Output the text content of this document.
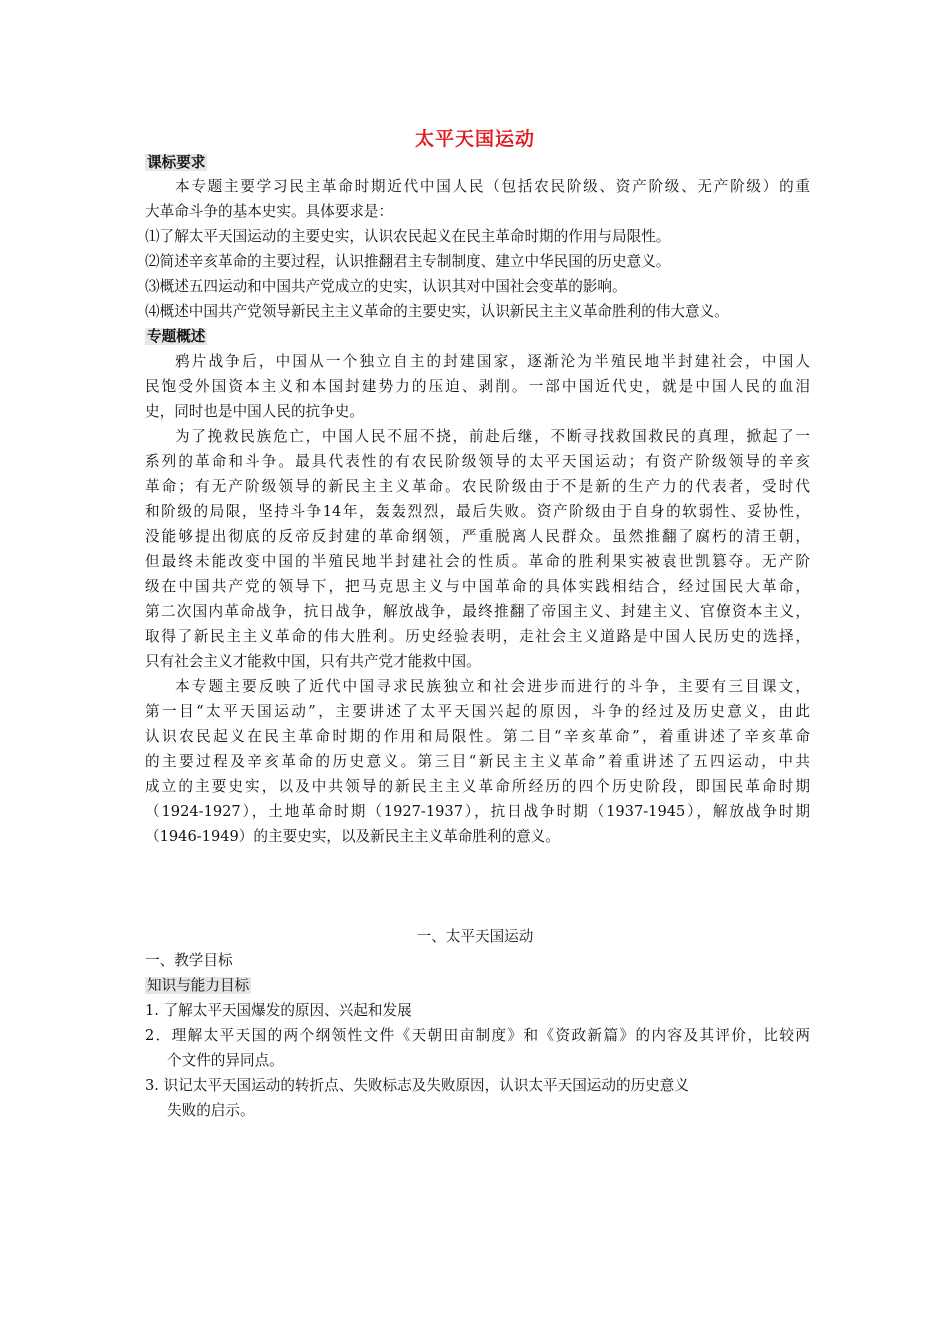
太平天国运动
课标要求
本专题主要学习民主革命时期近代中国人民（包括农民阶级、资产阶级、无产阶级）的重
大革命斗争的基本史实。具体要求是：
⑴了解太平天国运动的主要史实，认识农民起义在民主革命时期的作用与局限性。
⑵简述辛亥革命的主要过程，认识推翻君主专制制度、建立中华民国的历史意义。
⑶概述五四运动和中国共产党成立的史实，认识其对中国社会变革的影响。
⑷概述中国共产党领导新民主主义革命的主要史实，认识新民主主义革命胜利的伟大意义。
专题概述
鸦片战争后，中国从一个独立自主的封建国家，逐渐沦为半殖民地半封建社会，中国人
民饱受外国资本主义和本国封建势力的压迫、剥削。一部中国近代史，就是中国人民的血泪
史，同时也是中国人民的抗争史。
为了挽救民族危亡，中国人民不屈不挠，前赴后继，不断寻找救国救民的真理，掀起了一
系列的革命和斗争。最具代表性的有农民阶级领导的太平天国运动；有资产阶级领导的辛亥
革命；有无产阶级领导的新民主主义革命。农民阶级由于不是新的生产力的代表者，受时代
和阶级的局限，坚持斗争14年，轰轰烈烈，最后失败。资产阶级由于自身的软弱性、妥协性，
没能够提出彻底的反帝反封建的革命纲领，严重脱离人民群众。虽然推翻了腐朽的清王朝，
但最终未能改变中国的半殖民地半封建社会的性质。革命的胜利果实被袁世凯篡夺。无产阶
级在中国共产党的领导下，把马克思主义与中国革命的具体实践相结合，经过国民大革命，
第二次国内革命战争，抗日战争，解放战争，最终推翻了帝国主义、封建主义、官僚资本主义，
取得了新民主主义革命的伟大胜利。历史经验表明，走社会主义道路是中国人民历史的选择，
只有社会主义才能救中国，只有共产党才能救中国。
本专题主要反映了近代中国寻求民族独立和社会进步而进行的斗争，主要有三目课文，
第一目“太平天国运动”，主要讲述了太平天国兴起的原因，斗争的经过及历史意义，由此
认识农民起义在民主革命时期的作用和局限性。第二目“辛亥革命”，着重讲述了辛亥革命
的主要过程及辛亥革命的历史意义。第三目“新民主主义革命”着重讲述了五四运动，中共
成立的主要史实，以及中共领导的新民主主义革命所经历的四个历史阶段，即国民革命时期
（1924-1927），土地革命时期（1927-1937），抗日战争时期（1937-1945），解放战争时期
（1946-1949）的主要史实，以及新民主主义革命胜利的意义。
一、教学目标
知识与能力目标
1. 了解太平天国爆发的原因、兴起和发展
2．理解太平天国的两个纲领性文件《天朝田亩制度》和《资政新篇》的内容及其评价，比较两
个文件的异同点。
3. 识记太平天国运动的转折点、失败标志及失败原因，认识太平天国运动的历史意义
失败的启示。
一、太平天国运动
